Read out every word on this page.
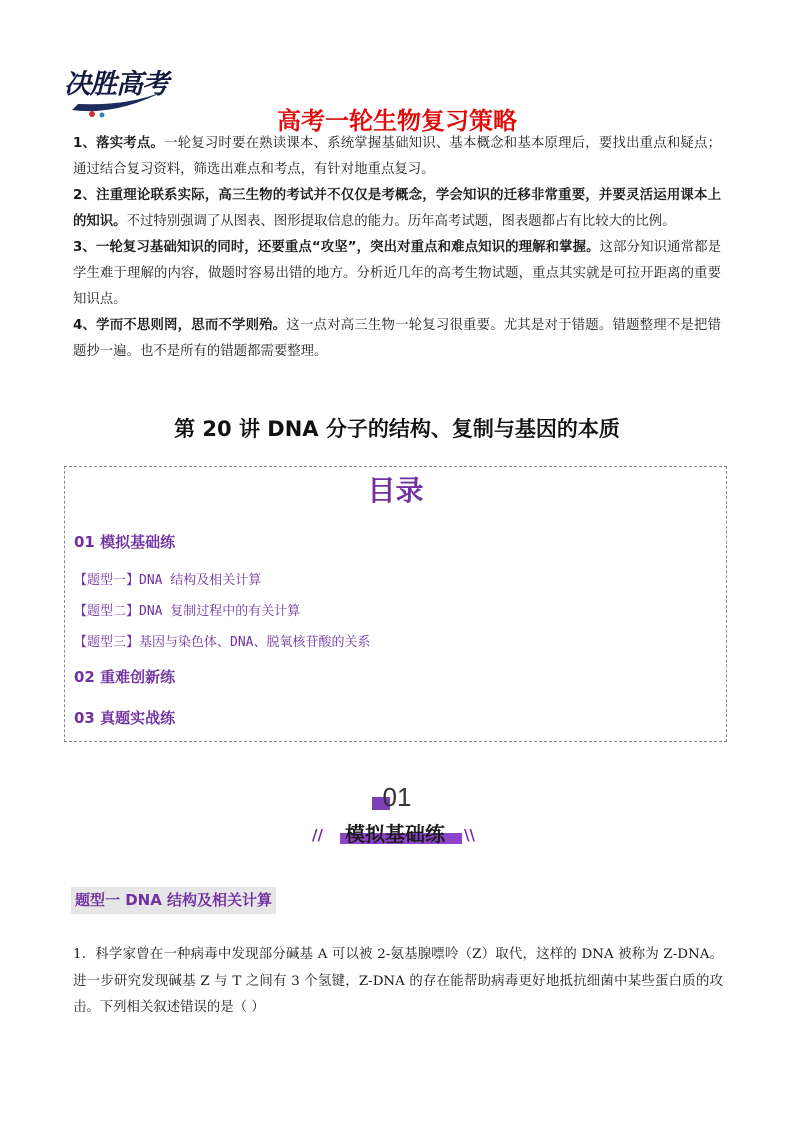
决胜高考
高考一轮生物复习策略

1、落实考点。一轮复习时要在熟读课本、系统掌握基础知识、基本概念和基本原理后，要找出重点和疑点；通过结合复习资料，筛选出难点和考点，有针对地重点复习。

2、注重理论联系实际，高三生物的考试并不仅仅是考概念，学会知识的迁移非常重要，并要灵活运用课本上的知识。不过特别强调了从图表、图形提取信息的能力。历年高考试题，图表题都占有比较大的比例。

3、一轮复习基础知识的同时，还要重点“攻坚”，突出对重点和难点知识的理解和掌握。这部分知识通常都是学生难于理解的内容，做题时容易出错的地方。分析近几年的高考生物试题，重点其实就是可拉开距离的重要知识点。

4、学而不思则罔，思而不学则殆。这一点对高三生物一轮复习很重要。尤其是对于错题。错题整理不是把错题抄一遍。也不是所有的错题都需要整理。

第 20 讲 DNA 分子的结构、复制与基因的本质
目录
01 模拟基础练
【题型一】DNA 结构及相关计算
【题型二】DNA 复制过程中的有关计算
【题型三】基因与染色体、DNA、脱氧核苷酸的关系
02 重难创新练
03 真题实战练
01
//	模拟基础练	\\
题型一 DNA 结构及相关计算
1．科学家曾在一种病毒中发现部分碱基 A 可以被 2-氨基腺嘌呤（Z）取代，这样的 DNA 被称为 Z-DNA。进一步研究发现碱基 Z 与 T 之间有 3 个氢键，Z-DNA 的存在能帮助病毒更好地抵抗细菌中某些蛋白质的攻击。下列相关叙述错误的是（ ）
